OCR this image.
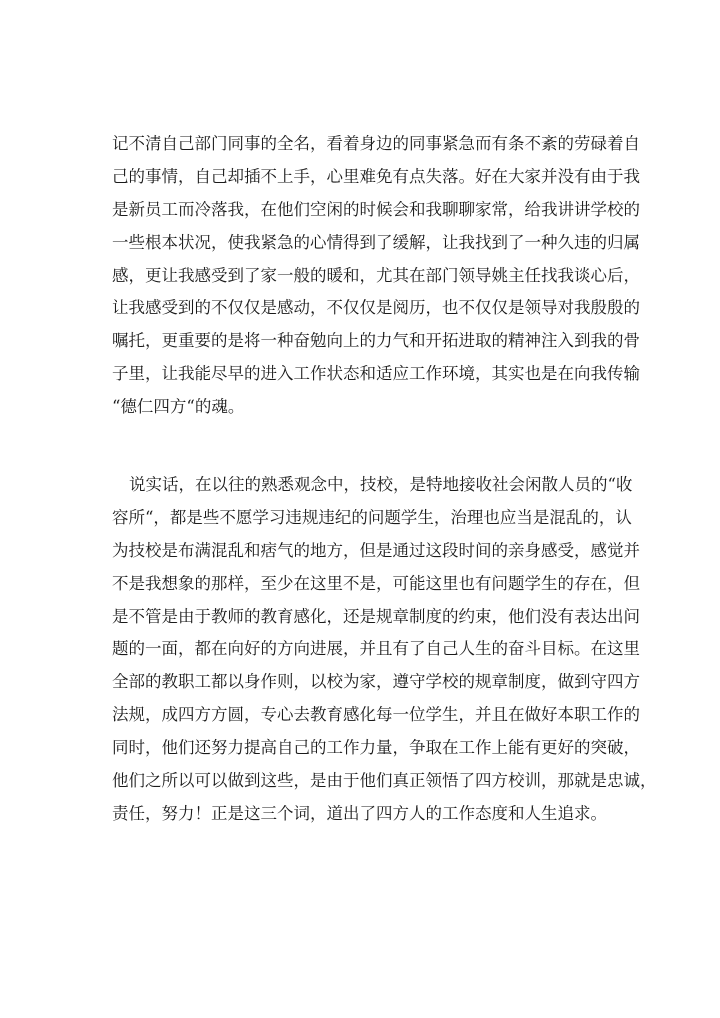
记不清自己部门同事的全名，看着身边的同事紧急而有条不紊的劳碌着自
己的事情，自己却插不上手，心里难免有点失落。好在大家并没有由于我
是新员工而冷落我，在他们空闲的时候会和我聊聊家常，给我讲讲学校的
一些根本状况，使我紧急的心情得到了缓解，让我找到了一种久违的归属
感，更让我感受到了家一般的暖和，尤其在部门领导姚主任找我谈心后，
让我感受到的不仅仅是感动，不仅仅是阅历，也不仅仅是领导对我殷殷的
嘱托，更重要的是将一种奋勉向上的力气和开拓进取的精神注入到我的骨
子里，让我能尽早的进入工作状态和适应工作环境，其实也是在向我传输
“德仁四方“的魂。
说实话，在以往的熟悉观念中，技校，是特地接收社会闲散人员的“收
容所“，都是些不愿学习违规违纪的问题学生，治理也应当是混乱的，认
为技校是布满混乱和痞气的地方，但是通过这段时间的亲身感受，感觉并
不是我想象的那样，至少在这里不是，可能这里也有问题学生的存在，但
是不管是由于教师的教育感化，还是规章制度的约束，他们没有表达出问
题的一面，都在向好的方向进展，并且有了自己人生的奋斗目标。在这里
全部的教职工都以身作则，以校为家，遵守学校的规章制度，做到守四方
法规，成四方方圆，专心去教育感化每一位学生，并且在做好本职工作的
同时，他们还努力提高自己的工作力量，争取在工作上能有更好的突破，
他们之所以可以做到这些，是由于他们真正领悟了四方校训，那就是忠诚，
责任，努力！正是这三个词，道出了四方人的工作态度和人生追求。
